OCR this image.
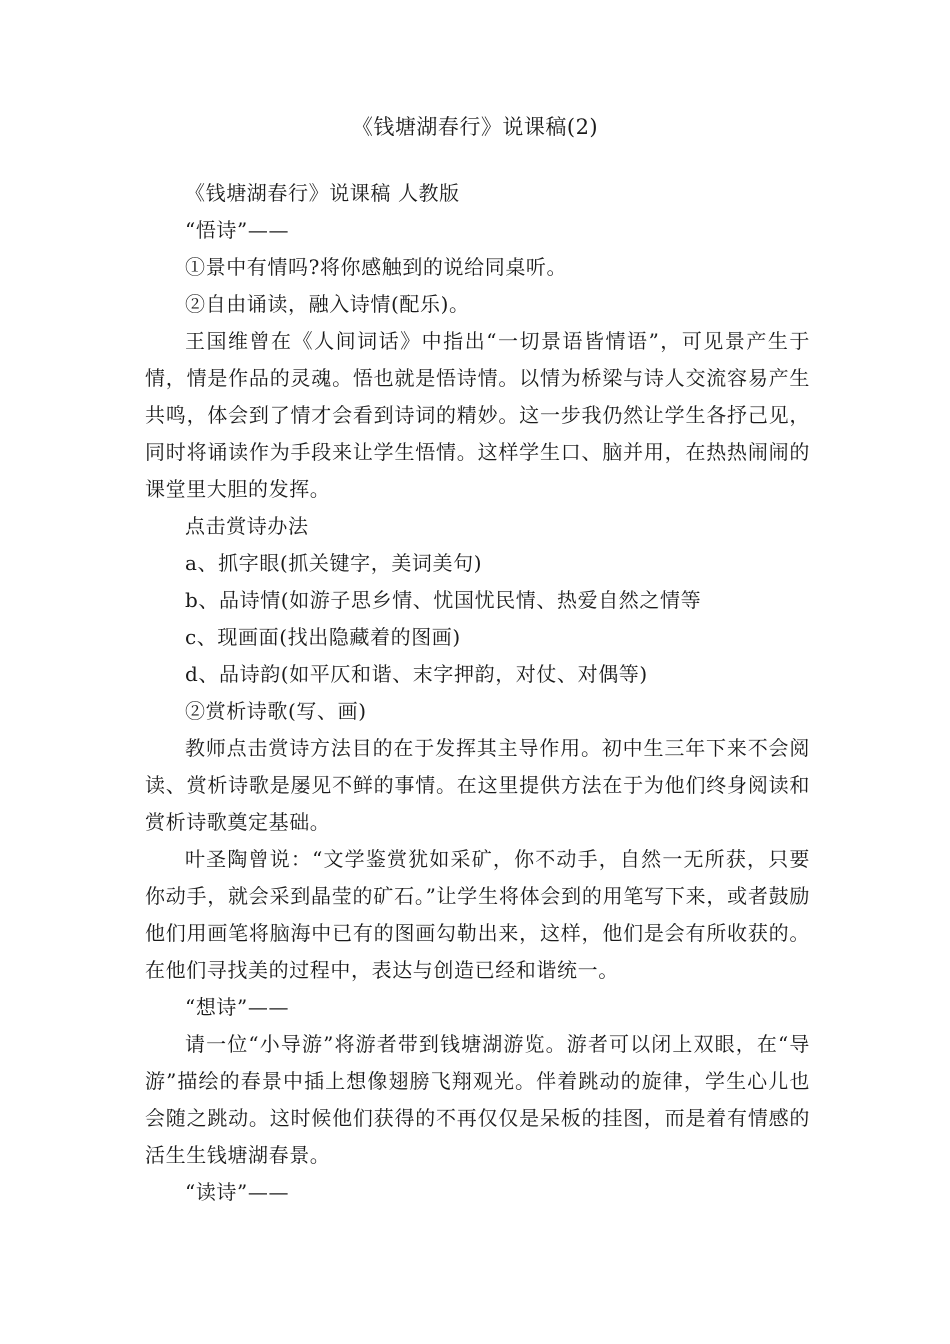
《钱塘湖春行》说课稿(2)

《钱塘湖春行》说课稿 人教版

“悟诗”——

①景中有情吗?将你感触到的说给同桌听。

②自由诵读，融入诗情(配乐)。

王国维曾在《人间词话》中指出“一切景语皆情语”，可见景产生于情，情是作品的灵魂。悟也就是悟诗情。以情为桥梁与诗人交流容易产生共鸣，体会到了情才会看到诗词的精妙。这一步我仍然让学生各抒己见，同时将诵读作为手段来让学生悟情。这样学生口、脑并用，在热热闹闹的课堂里大胆的发挥。

点击赏诗办法

a、抓字眼(抓关键字，美词美句)

b、品诗情(如游子思乡情、忧国忧民情、热爱自然之情等

c、现画面(找出隐藏着的图画)

d、品诗韵(如平仄和谐、末字押韵，对仗、对偶等)

②赏析诗歌(写、画)

教师点击赏诗方法目的在于发挥其主导作用。初中生三年下来不会阅读、赏析诗歌是屡见不鲜的事情。在这里提供方法在于为他们终身阅读和赏析诗歌奠定基础。

叶圣陶曾说：“文学鉴赏犹如采矿，你不动手，自然一无所获，只要你动手，就会采到晶莹的矿石。”让学生将体会到的用笔写下来，或者鼓励他们用画笔将脑海中已有的图画勾勒出来，这样，他们是会有所收获的。在他们寻找美的过程中，表达与创造已经和谐统一。

“想诗”——

请一位“小导游”将游者带到钱塘湖游览。游者可以闭上双眼，在“导游”描绘的春景中插上想像翅膀飞翔观光。伴着跳动的旋律，学生心儿也会随之跳动。这时候他们获得的不再仅仅是呆板的挂图，而是着有情感的活生生钱塘湖春景。

“读诗”——
